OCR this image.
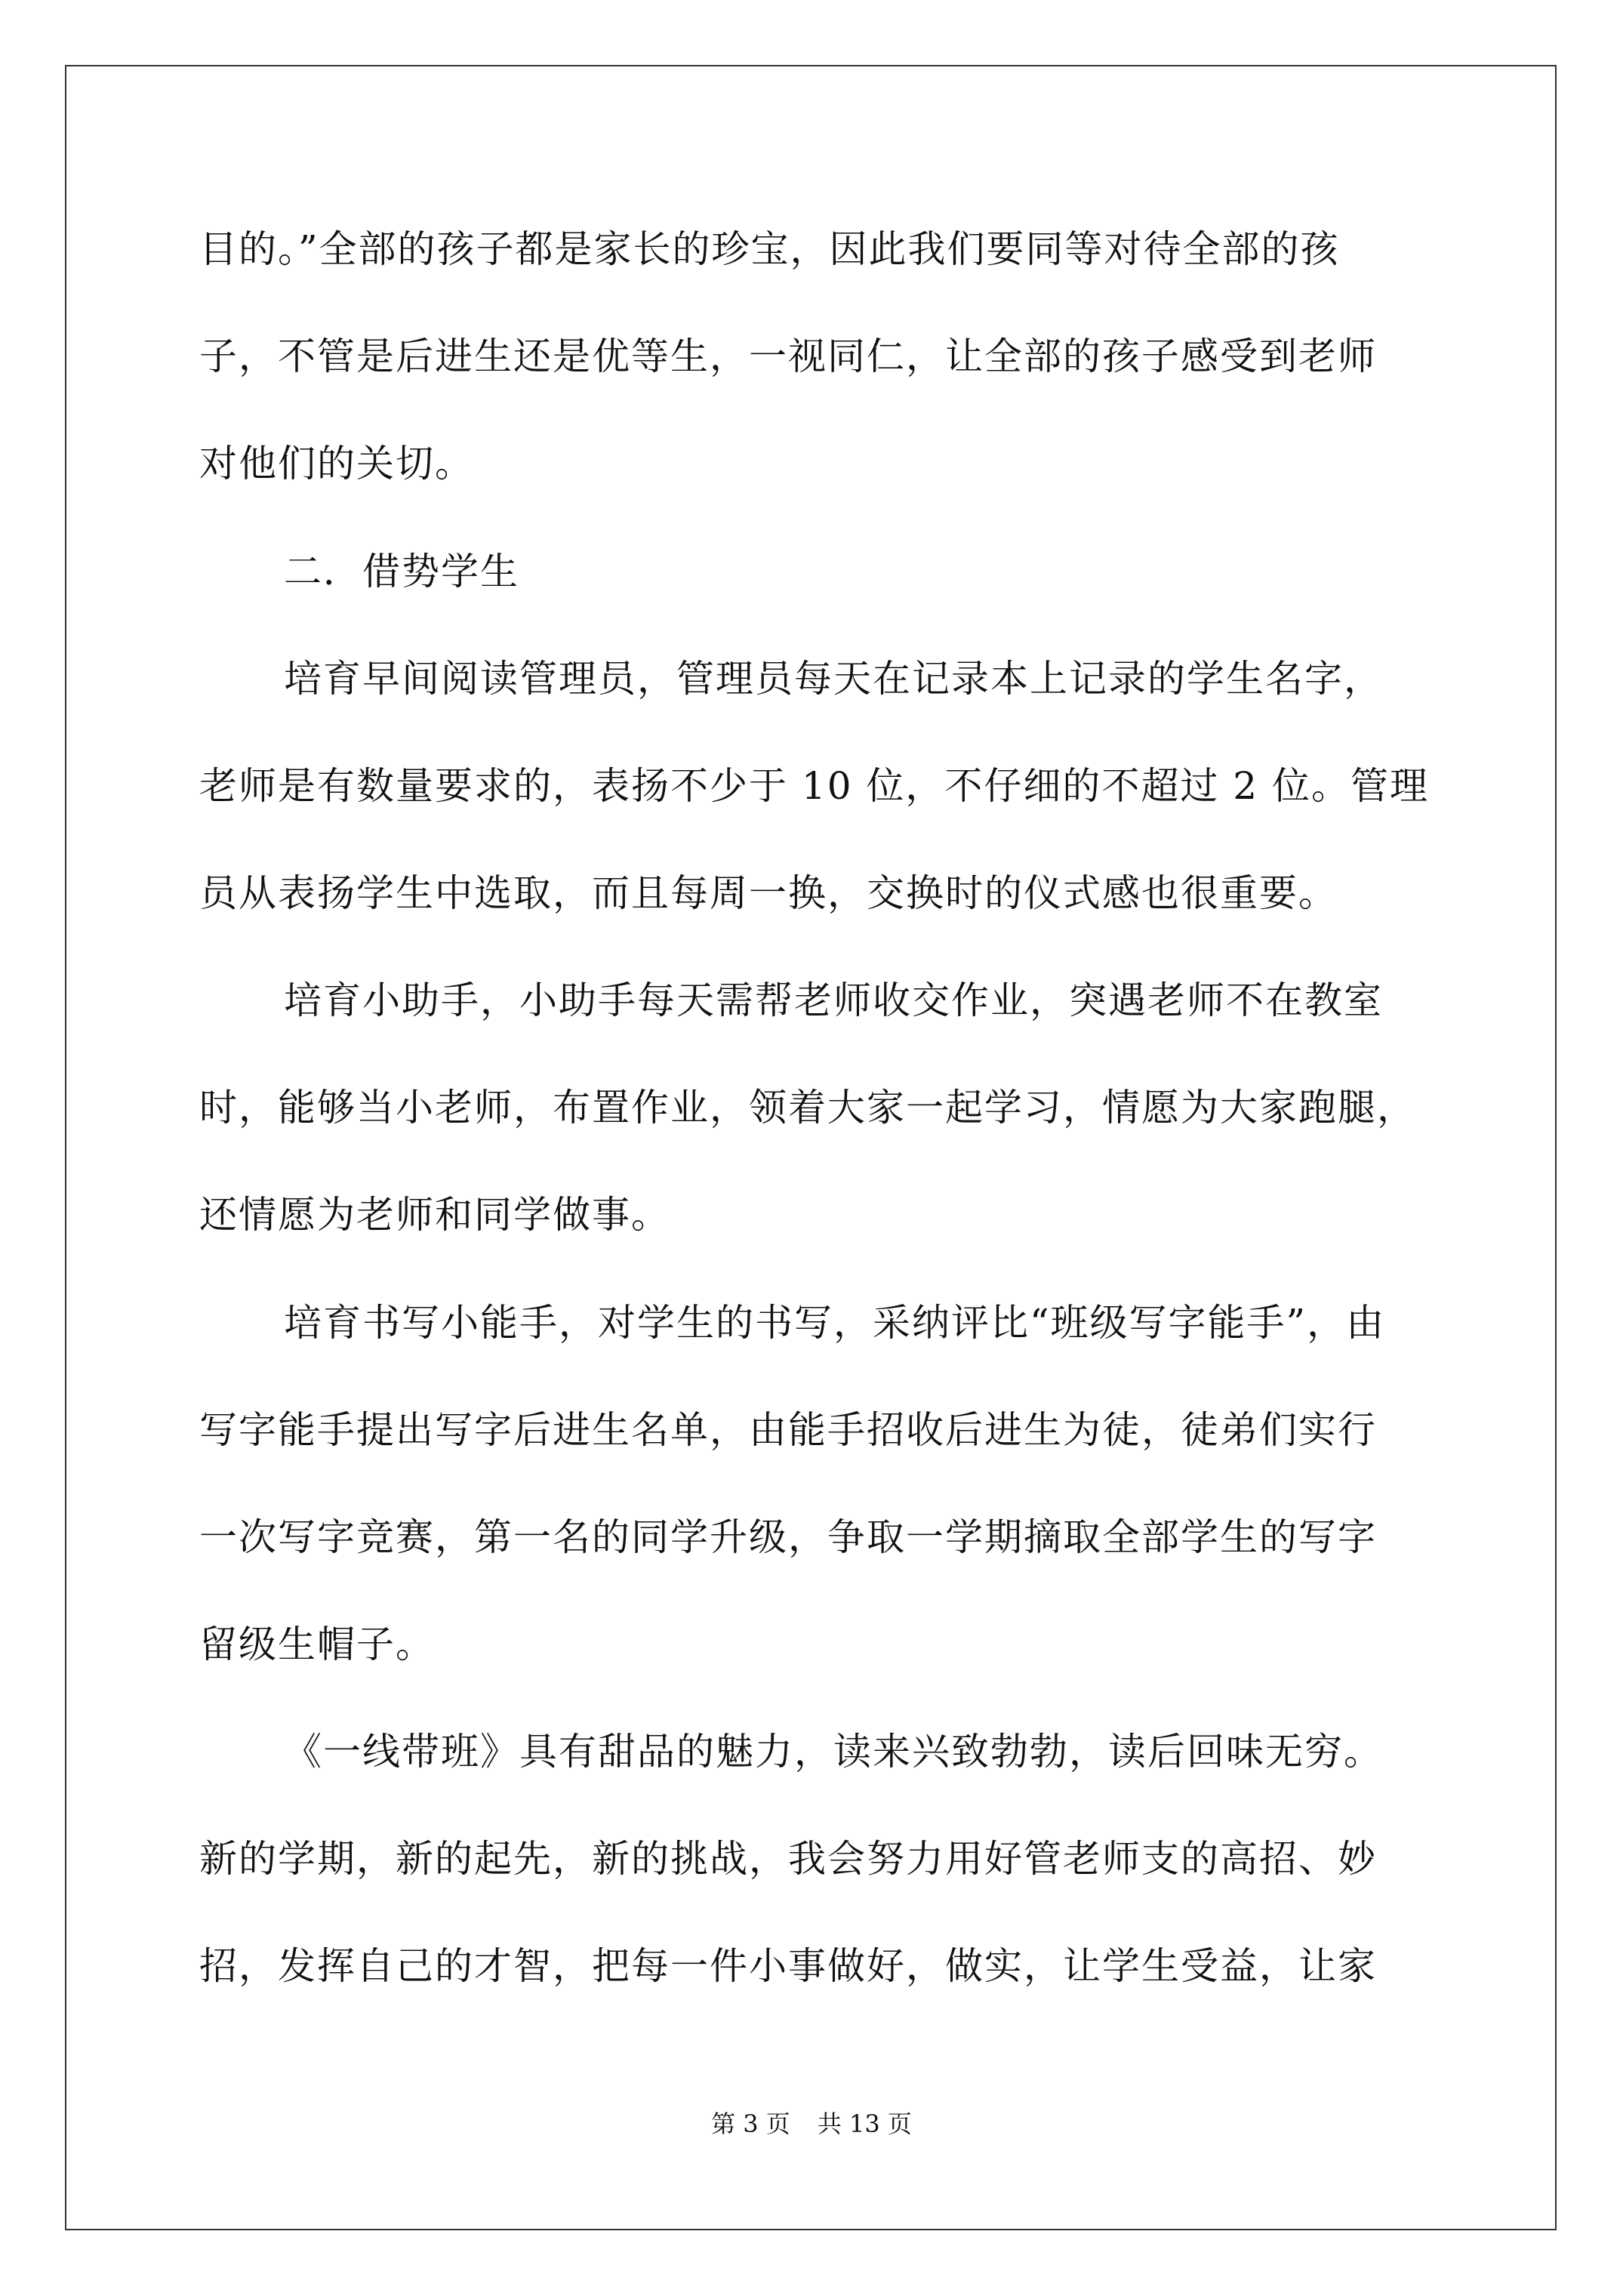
目的。”全部的孩子都是家长的珍宝，因此我们要同等对待全部的孩
子，不管是后进生还是优等生，一视同仁，让全部的孩子感受到老师
对他们的关切。
二．借势学生
培育早间阅读管理员，管理员每天在记录本上记录的学生名字，
老师是有数量要求的，表扬不少于 10 位，不仔细的不超过 2 位。管理
员从表扬学生中选取，而且每周一换，交换时的仪式感也很重要。
培育小助手，小助手每天需帮老师收交作业，突遇老师不在教室
时，能够当小老师，布置作业，领着大家一起学习，情愿为大家跑腿，
还情愿为老师和同学做事。
培育书写小能手，对学生的书写，采纳评比“班级写字能手”，由
写字能手提出写字后进生名单，由能手招收后进生为徒，徒弟们实行
一次写字竞赛，第一名的同学升级，争取一学期摘取全部学生的写字
留级生帽子。
《一线带班》具有甜品的魅力，读来兴致勃勃，读后回味无穷。
新的学期，新的起先，新的挑战，我会努力用好管老师支的高招、妙
招，发挥自己的才智，把每一件小事做好，做实，让学生受益，让家
第 3 页 共 13 页
